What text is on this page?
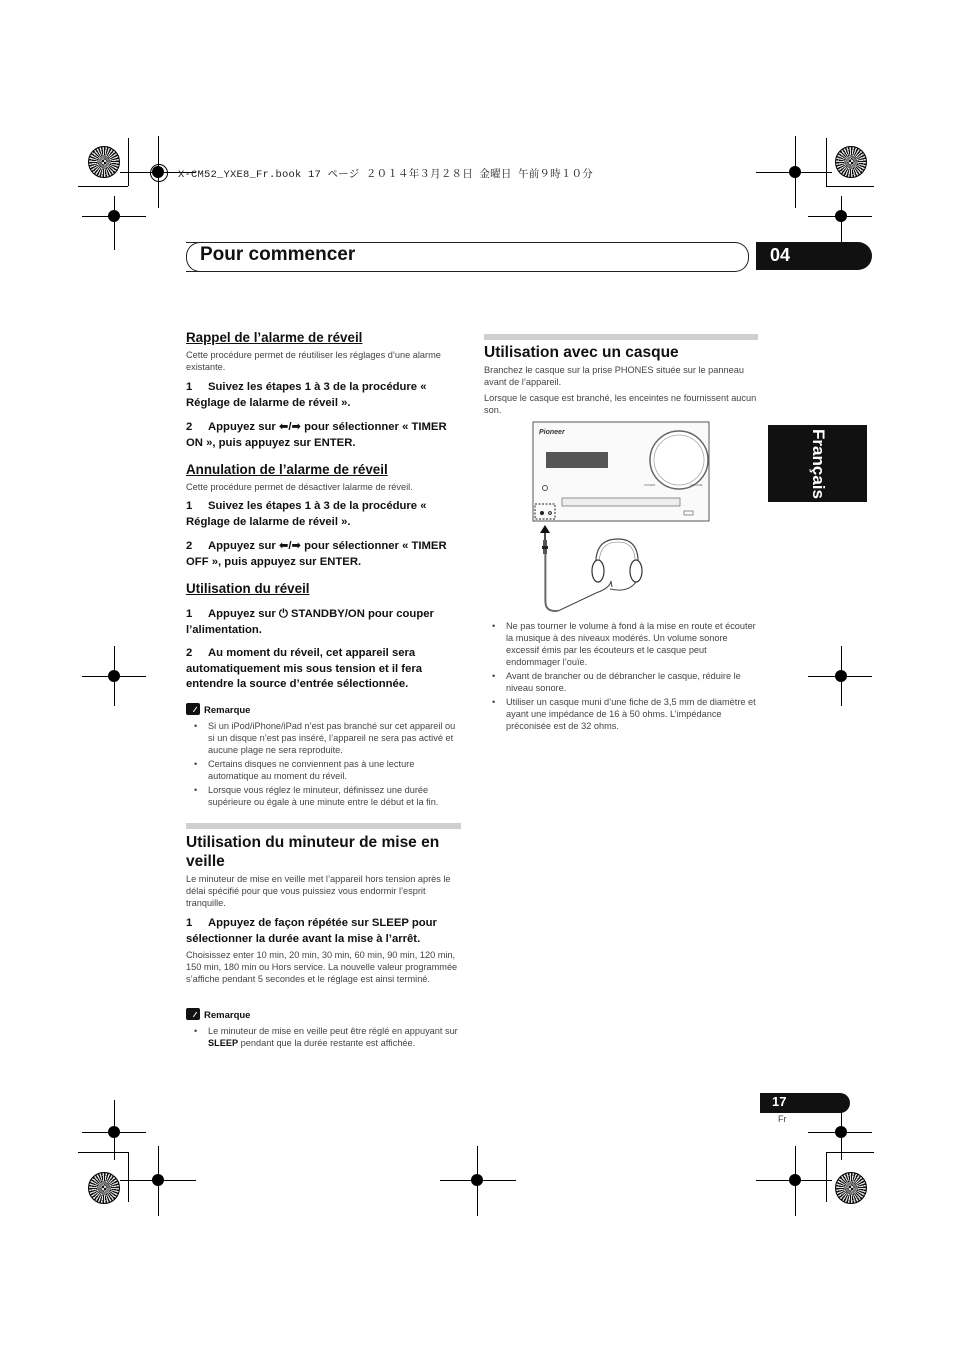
X-CM52_YXE8_Fr.book 17 ページ ２０１４年３月２８日 金曜日 午前９時１０分
Pour commencer	04
Français
Rappel de l’alarme de réveil
Cette procédure permet de réutiliser les réglages d’une alarme existante.
1 Suivez les étapes 1 à 3 de la procédure « Réglage de lalarme de réveil ».
2 Appuyez sur ⬅/➡ pour sélectionner « TIMER ON », puis appuyez sur ENTER.
Annulation de l’alarme de réveil
Cette procédure permet de désactiver lalarme de réveil.
1 Suivez les étapes 1 à 3 de la procédure « Réglage de lalarme de réveil ».
2 Appuyez sur ⬅/➡ pour sélectionner « TIMER OFF », puis appuyez sur ENTER.
Utilisation du réveil
1 Appuyez sur ⏻ STANDBY/ON pour couper l’alimentation.
2 Au moment du réveil, cet appareil sera automatiquement mis sous tension et il fera entendre la source d’entrée sélectionnée.
Remarque
• Si un iPod/iPhone/iPad n’est pas branché sur cet appareil ou si un disque n’est pas inséré, l’appareil ne sera pas activé et aucune plage ne sera reproduite.
• Certains disques ne conviennent pas à une lecture automatique au moment du réveil.
• Lorsque vous réglez le minuteur, définissez une durée supérieure ou égale à une minute entre le début et la fin.
Utilisation du minuteur de mise en veille
Le minuteur de mise en veille met l’appareil hors tension après le délai spécifié pour que vous puissiez vous endormir l’esprit tranquille.
1 Appuyez de façon répétée sur SLEEP pour sélectionner la durée avant la mise à l’arrêt.
Choisissez enter 10 min, 20 min, 30 min, 60 min, 90 min, 120 min, 150 min, 180 min ou Hors service. La nouvelle valeur programmée s’affiche pendant 5 secondes et le réglage est ainsi terminé.
Remarque
• Le minuteur de mise en veille peut être réglé en appuyant sur SLEEP pendant que la durée restante est affichée.
Utilisation avec un casque
Branchez le casque sur la prise PHONES située sur le panneau avant de l’appareil.
Lorsque le casque est branché, les enceintes ne fournissent aucun son.
Pioneer
POWER	VOLUME
• Ne pas tourner le volume à fond à la mise en route et écouter la musique à des niveaux modérés. Un volume sonore excessif émis par les écouteurs et le casque peut endommager l’ouïe.
• Avant de brancher ou de débrancher le casque, réduire le niveau sonore.
• Utiliser un casque muni d’une fiche de 3,5 mm de diamètre et ayant une impédance de 16 à 50 ohms. L’impédance préconisée est de 32 ohms.
17
Fr
